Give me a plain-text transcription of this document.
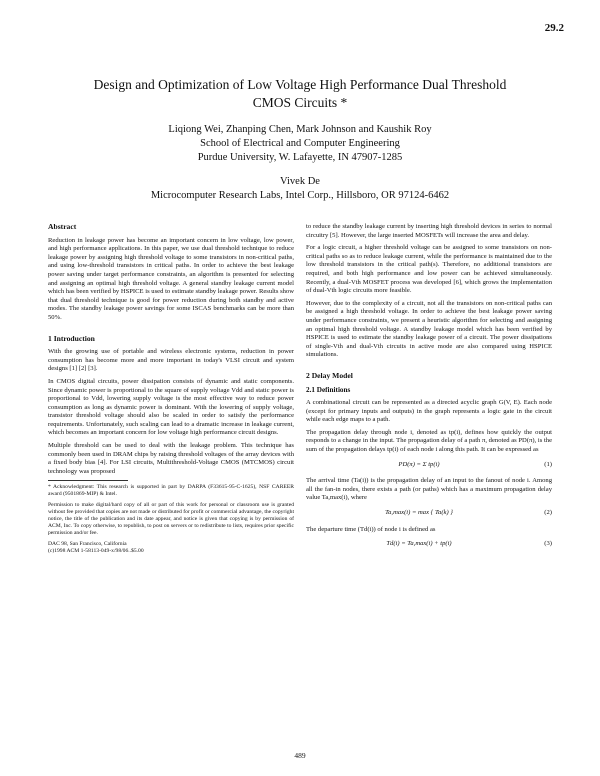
29.2
Design and Optimization of Low Voltage High Performance Dual Threshold
CMOS Circuits *
Liqiong Wei, Zhanping Chen, Mark Johnson and Kaushik Roy
School of Electrical and Computer Engineering
Purdue University, W. Lafayette, IN 47907-1285
Vivek De
Microcomputer Research Labs, Intel Corp., Hillsboro, OR 97124-6462
Abstract

Reduction in leakage power has become an important concern in low voltage, low power, and high performance applications. In this paper, we use dual threshold technique to reduce leakage power by assigning high threshold voltage to some transistors in non-critical paths, and using low-threshold transistors in critical paths. In order to achieve the best leakage power saving under target performance constraints, an algorithm is presented for selecting and assigning an optimal high threshold voltage. A general standby leakage current model which has been verified by HSPICE is used to estimate standby leakage power. Results show that dual threshold technique is good for power reduction during both standby and active modes. The standby leakage power savings for some ISCAS benchmarks can be more than 50%.

1 Introduction

With the growing use of portable and wireless electronic systems, reduction in power consumption has become more and more important in today's VLSI circuit and system designs [1] [2] [3].

In CMOS digital circuits, power dissipation consists of dynamic and static components. Since dynamic power is proportional to the square of supply voltage Vdd and static power is proportional to Vdd, lowering supply voltage is the most effective way to reduce power consumption as long as dynamic power is dominant. With the lowering of supply voltage, transistor threshold voltage should also be scaled in order to satisfy the performance requirements. Unfortunately, such scaling can lead to a dramatic increase in leakage current, which becomes an important concern for low voltage high performance circuit designs.

Multiple threshold can be used to deal with the leakage problem. This technique has commonly been used in DRAM chips by raising threshold voltages of the array devices with a fixed body bias [4]. For LSI circuits, Multithreshold-Voltage CMOS (MTCMOS) circuit technology was proposed

* Acknowledgment: This research is supported in part by DARPA (F33615-95-C-1625), NSF CAREER award (9501869-MIP) & Intel.

Permission to make digital/hard copy of all or part of this work for personal or classroom use is granted without fee provided that copies are not made or distributed for profit or commercial advantage, the copyright notice, the title of the publication and its date appear, and notice is given that copying is by permission of ACM, Inc. To copy otherwise, to republish, to post on servers or to redistribute to lists, requires prior specific permission and/or fee.

DAC 98, San Francisco, California
(c)1998 ACM 1-58113-049-x/98/06..$5.00

to reduce the standby leakage current by inserting high threshold devices in series to normal circuitry [5]. However, the large inserted MOSFETs will increase the area and delay.

For a logic circuit, a higher threshold voltage can be assigned to some transistors on non-critical paths so as to reduce leakage current, while the performance is maintained due to the low threshold transistors in the critical path(s). Therefore, no additional transistors are required, and both high performance and low power can be achieved simultaneously. Recently, a dual-Vth MOSFET process was developed [6], which grows the implementation of dual-Vth logic circuits more feasible.

However, due to the complexity of a circuit, not all the transistors on non-critical paths can be assigned a high threshold voltage. In order to achieve the best leakage power saving under performance constraints, we present a heuristic algorithm for selecting and assigning an optimal high threshold voltage. A standby leakage model which has been verified by HSPICE is used to estimate the standby leakage power of a circuit. The power dissipations of single-Vth and dual-Vth circuits in active mode are also compared using HSPICE simulations.

2 Delay Model
2.1 Definitions

A combinational circuit can be represented as a directed acyclic graph G(V, E). Each node (except for primary inputs and outputs) in the graph represents a logic gate in the circuit while each edge maps to a path.

The propagation delay through node i, denoted as tp(i), defines how quickly the output responds to a change in the input. The propagation delay of a path π, denoted as PD(π), is the sum of the propagation delays tp(i) of each node i along this path. It can be expressed as

PD(π) = Σ tp(i)	(1)

The arrival time (Ta(i)) is the propagation delay of an input to the fanout of node i. Among all the fan-in nodes, there exists a path (or paths) which has a maximum propagation delay value Ta,max(i), where

Ta,max(i) = max { Ta(k) }	(2)

The departure time (Td(i)) of node i is defined as

Td(i) = Ta,max(i) + tp(i)	(3)
489
